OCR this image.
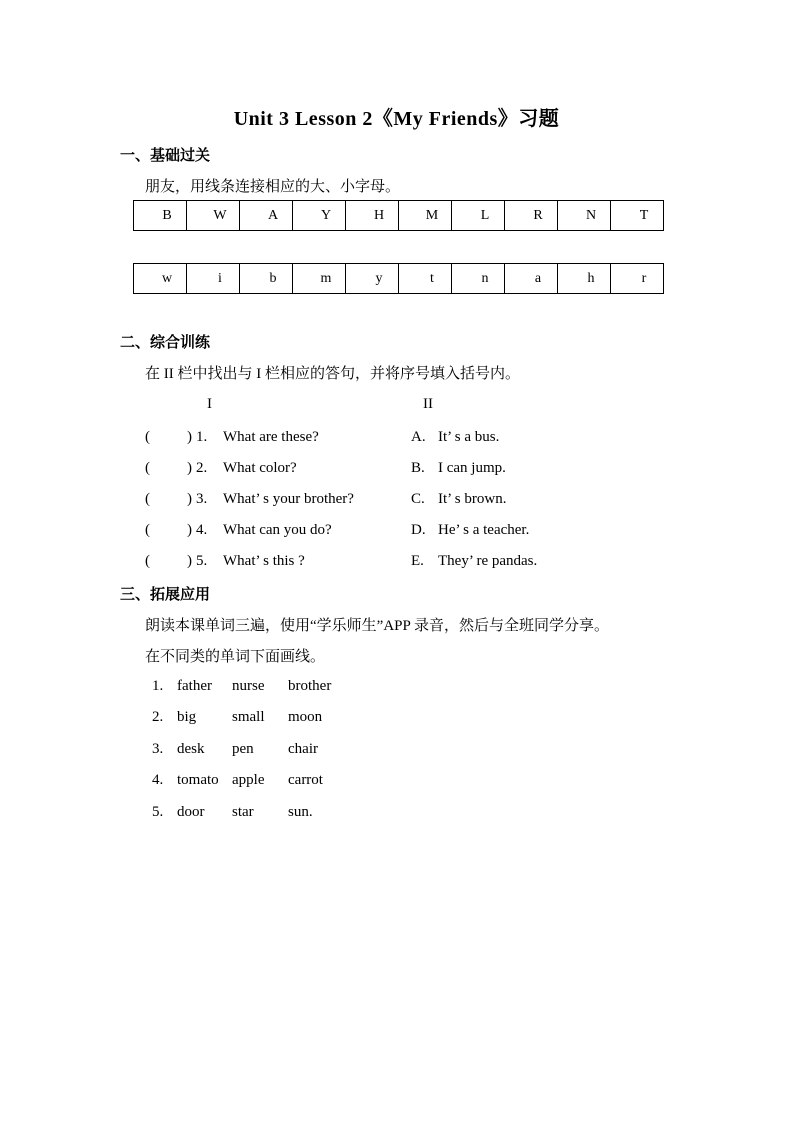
Unit 3 Lesson 2《My Friends》习题
一、基础过关
朋友，用线条连接相应的大、小字母。
B	W	A	Y	H	M	L	R	N	T
w	i	b	m	y	t	n	a	h	r
二、综合训练
在 II 栏中找出与 I 栏相应的答句，并将序号填入括号内。
I	II
( ) 1. What are these?	A. It’ s a bus.
( ) 2. What color?	B. I can jump.
( ) 3. What’ s your brother?	C. It’ s brown.
( ) 4. What can you do?	D. He’ s a teacher.
( ) 5. What’ s this ?	E. They’ re pandas.
三、拓展应用
朗读本课单词三遍，使用“学乐师生”APP 录音，然后与全班同学分享。
在不同类的单词下面画线。
1. father nurse brother
2. big small moon
3. desk pen chair
4. tomato apple carrot
5. door star sun.
